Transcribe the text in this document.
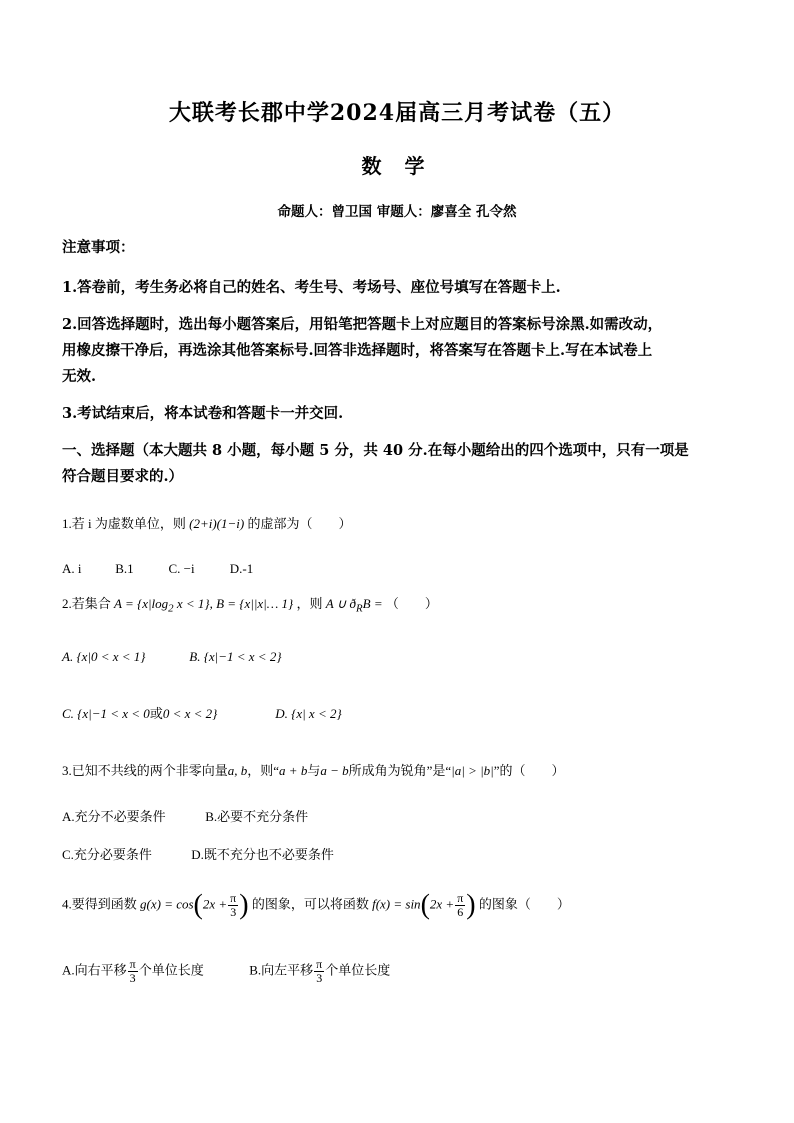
大联考长郡中学2024届高三月考试卷（五）
数 学
命题人：曾卫国 审题人：廖喜全 孔令然
注意事项：
1.答卷前，考生务必将自己的姓名、考生号、考场号、座位号填写在答题卡上.
2.回答选择题时，选出每小题答案后，用铅笔把答题卡上对应题目的答案标号涂黑.如需改动，
用橡皮擦干净后，再选涂其他答案标号.回答非选择题时，将答案写在答题卡上.写在本试卷上
无效.
3.考试结束后，将本试卷和答题卡一并交回.
一、选择题（本大题共 8 小题，每小题 5 分，共 40 分.在每小题给出的四个选项中，只有一项是
符合题目要求的.）
1.若 i 为虚数单位，则 (2+i)(1−i) 的虚部为（　　）
A. i	B.1	C. −i	D.-1
2.若集合 $A = \{x|\log_2$ x < 1}, B = {x||x|… 1} ，则 A ∪ $ð_RB$ = （　　）
A. {x|0 < x < 1}	B. {x|−1 < x < 2}
C. {x|−1 < x < 0或0 < x < 2}	D. {x| x < 2}
3.已知不共线的两个非零向量a, b，则“a + b与a − b所成角为锐角”是“|a| > |b|”的（　　）
A.充分不必要条件	B.必要不充分条件
C.充分必要条件	D.既不充分也不必要条件
4.要得到函数 $g(x) = \cos(2x + \frac{\pi}{3}$ ) 的图象，可以将函数 $f(x) = \sin(2x + \frac{\pi}{6}$ ) 的图象（　　）
A.向右平移 $\frac{\pi}{3}$ 个单位长度	B.向左平移 $\frac{\pi}{3}$ 个单位长度
